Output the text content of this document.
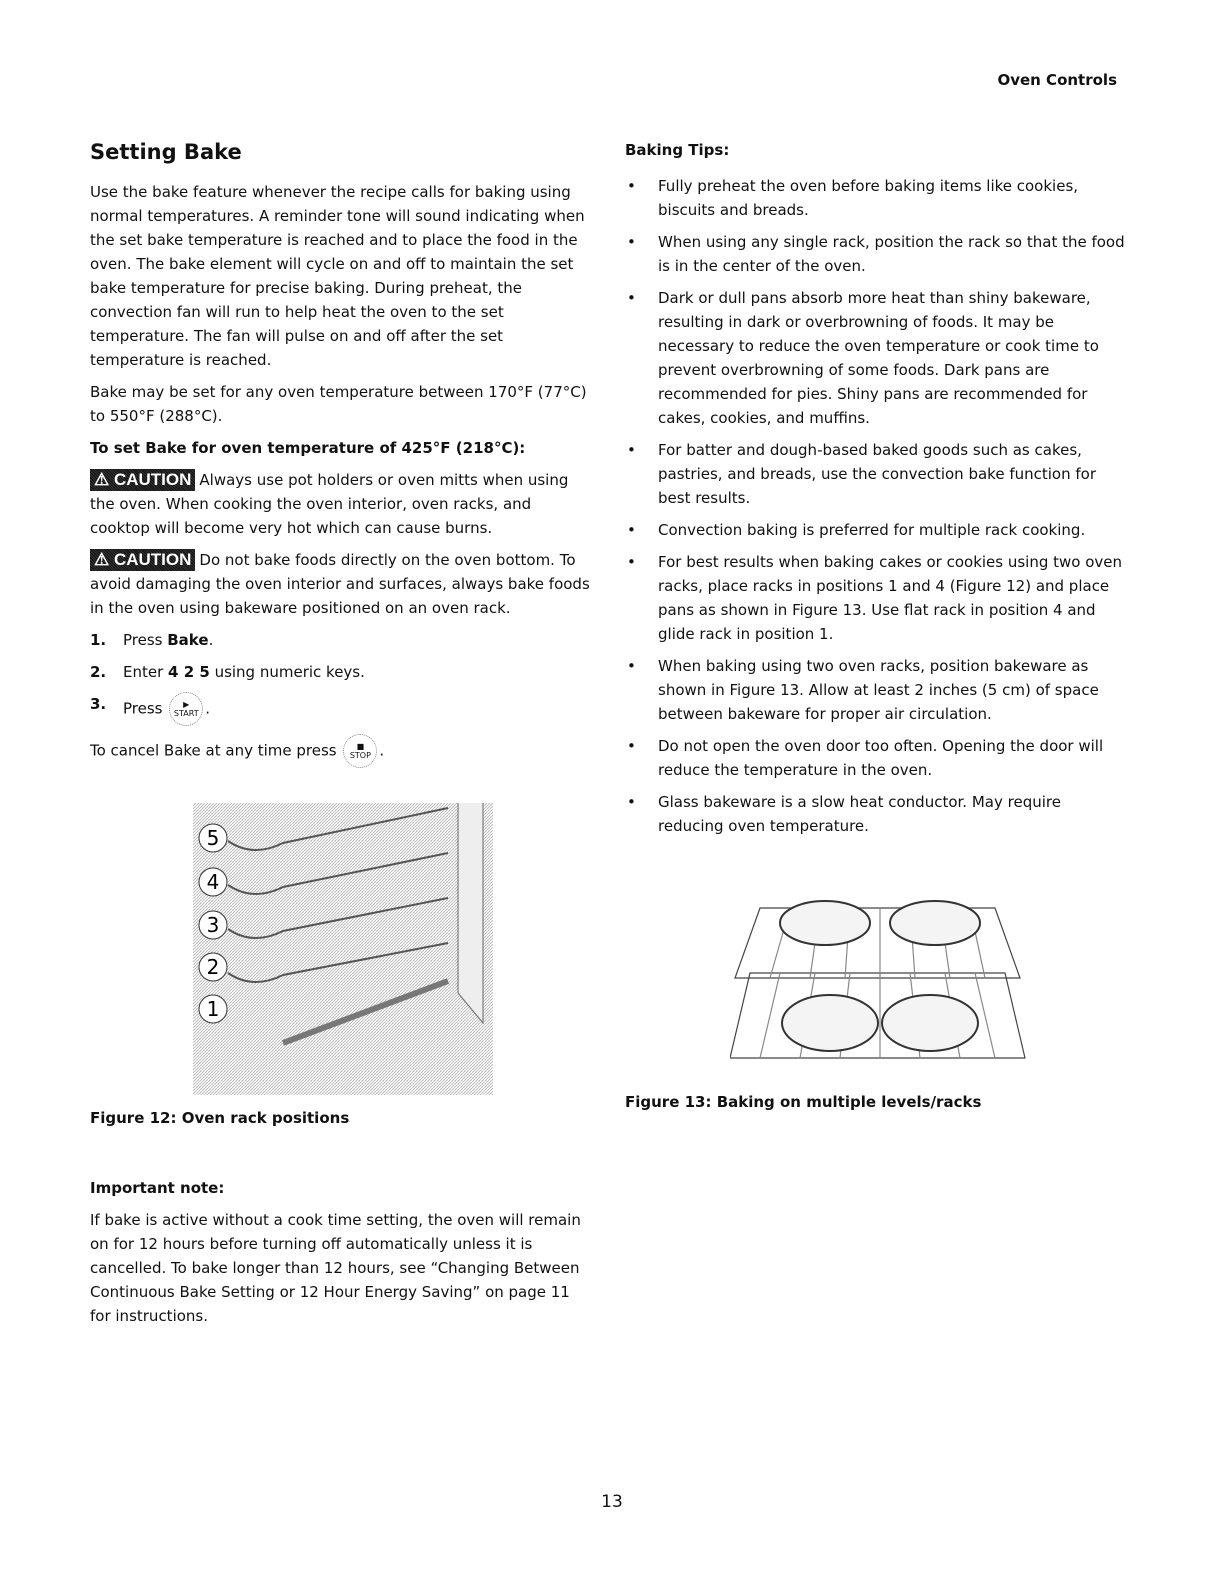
Oven Controls
Setting Bake

Use the bake feature whenever the recipe calls for baking using normal temperatures. A reminder tone will sound indicating when the set bake temperature is reached and to place the food in the oven. The bake element will cycle on and off to maintain the set bake temperature for precise baking. During preheat, the convection fan will run to help heat the oven to the set temperature. The fan will pulse on and off after the set temperature is reached.

Bake may be set for any oven temperature between 170°F (77°C) to 550°F (288°C).

To set Bake for oven temperature of 425°F (218°C):

⚠ CAUTION Always use pot holders or oven mitts when using the oven. When cooking the oven interior, oven racks, and cooktop will become very hot which can cause burns.

⚠ CAUTION Do not bake foods directly on the oven bottom. To avoid damaging the oven interior and surfaces, always bake foods in the oven using bakeware positioned on an oven rack.

1.	Press Bake.
2.	Enter 4 2 5 using numeric keys.
3.	Press ▶
START .

To cancel Bake at any time press	■
STOP .

5
4
3
2
1
Figure 12: Oven rack positions
Important note:
If bake is active without a cook time setting, the oven will remain on for 12 hours before turning off automatically unless it is cancelled. To bake longer than 12 hours, see “Changing Between Continuous Bake Setting or 12 Hour Energy Saving” on page 11 for instructions.
Baking Tips:
• Fully preheat the oven before baking items like cookies, biscuits and breads.
• When using any single rack, position the rack so that the food is in the center of the oven.
• Dark or dull pans absorb more heat than shiny bakeware, resulting in dark or overbrowning of foods. It may be necessary to reduce the oven temperature or cook time to prevent overbrowning of some foods. Dark pans are recommended for pies. Shiny pans are recommended for cakes, cookies, and muffins.
• For batter and dough-based baked goods such as cakes, pastries, and breads, use the convection bake function for best results.
• Convection baking is preferred for multiple rack cooking.
• For best results when baking cakes or cookies using two oven racks, place racks in positions 1 and 4 (Figure 12) and place pans as shown in Figure 13. Use flat rack in position 4 and glide rack in position 1.
• When baking using two oven racks, position bakeware as shown in Figure 13. Allow at least 2 inches (5 cm) of space between bakeware for proper air circulation.
• Do not open the oven door too often. Opening the door will reduce the temperature in the oven.
• Glass bakeware is a slow heat conductor. May require reducing oven temperature.
Figure 13: Baking on multiple levels/racks
13
